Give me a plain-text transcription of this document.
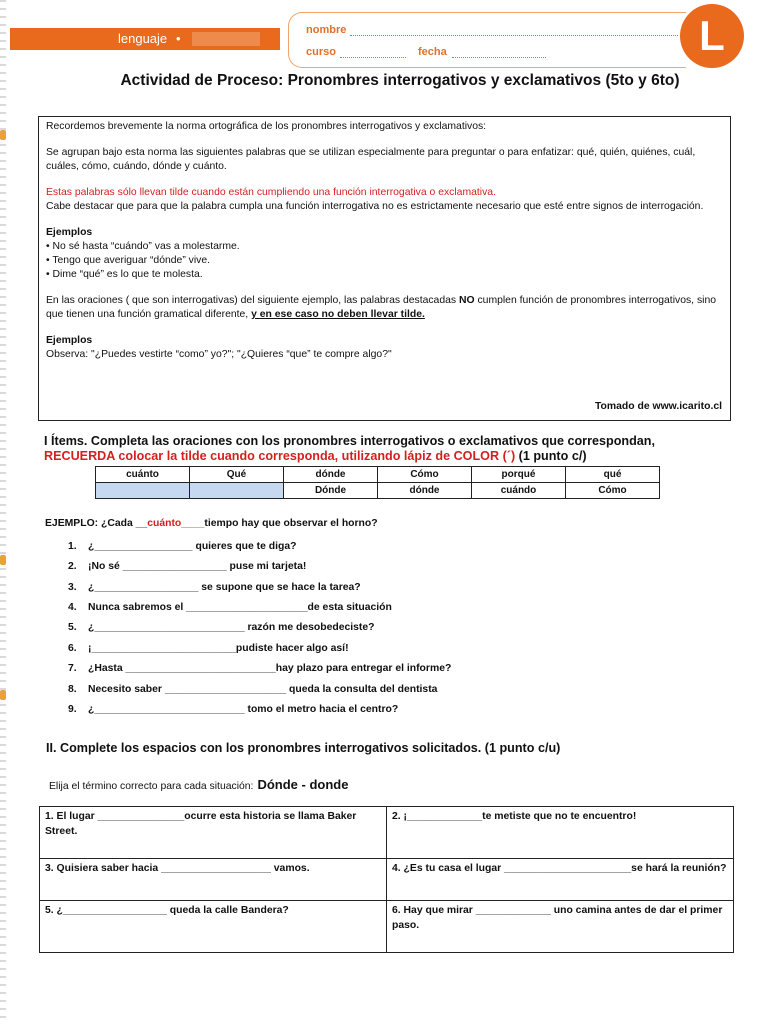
lenguaje •
nombre
curso	fecha	L
Actividad de Proceso: Pronombres interrogativos y exclamativos (5to y 6to)

Recordemos brevemente la norma ortográfica de los pronombres interrogativos y exclamativos:

Se agrupan bajo esta norma las siguientes palabras que se utilizan especialmente para preguntar o para enfatizar: qué, quién, quiénes, cuál, cuáles, cómo, cuándo, dónde y cuánto.

Estas palabras sólo llevan tilde cuando están cumpliendo una función interrogativa o exclamativa.

Cabe destacar que para que la palabra cumpla una función interrogativa no es estrictamente necesario que esté entre signos de interrogación.

Ejemplos

• No sé hasta “cuándo” vas a molestarme.

• Tengo que averiguar “dónde” vive.

• Dime “qué” es lo que te molesta.

En las oraciones ( que son interrogativas) del siguiente ejemplo, las palabras destacadas NO cumplen función de pronombres interrogativos, sino que tienen una función gramatical diferente, y en ese caso no deben llevar tilde.

Ejemplos

Observa: "¿Puedes vestirte “como” yo?"; "¿Quieres “que” te compre algo?"

Tomado de www.icarito.cl
I Ítems. Completa las oraciones con los pronombres interrogativos o exclamativos que correspondan,
RECUERDA colocar la tilde cuando corresponda, utilizando lápiz de COLOR (´) (1 punto c/)
cuánto	Qué	dónde	Cómo	porqué	qué
		Dónde	dónde	cuándo	Cómo
EJEMPLO: ¿Cada __cuánto____tiempo hay que observar el horno?
1. ¿_________________ quieres que te diga?
2. ¡No sé __________________ puse mi tarjeta!
3. ¿__________________ se supone que se hace la tarea?
4. Nunca sabremos el _____________________de esta situación
5. ¿__________________________ razón me desobedeciste?
6. ¡_________________________pudiste hacer algo así!
7. ¿Hasta __________________________hay plazo para entregar el informe?
8. Necesito saber _____________________ queda la consulta del dentista
9. ¿__________________________ tomo el metro hacia el centro?
II. Complete los espacios con los pronombres interrogativos solicitados. (1 punto c/u)
Elija el término correcto para cada situación: Dónde - donde
1. El lugar _______________ocurre esta historia se llama Baker Street.	2. ¡_____________te metiste que no te encuentro!
3. Quisiera saber hacia ___________________ vamos.	4. ¿Es tu casa el lugar ______________________se hará la reunión?
5. ¿__________________ queda la calle Bandera?	6. Hay que mirar _____________ uno camina antes de dar el primer paso.
